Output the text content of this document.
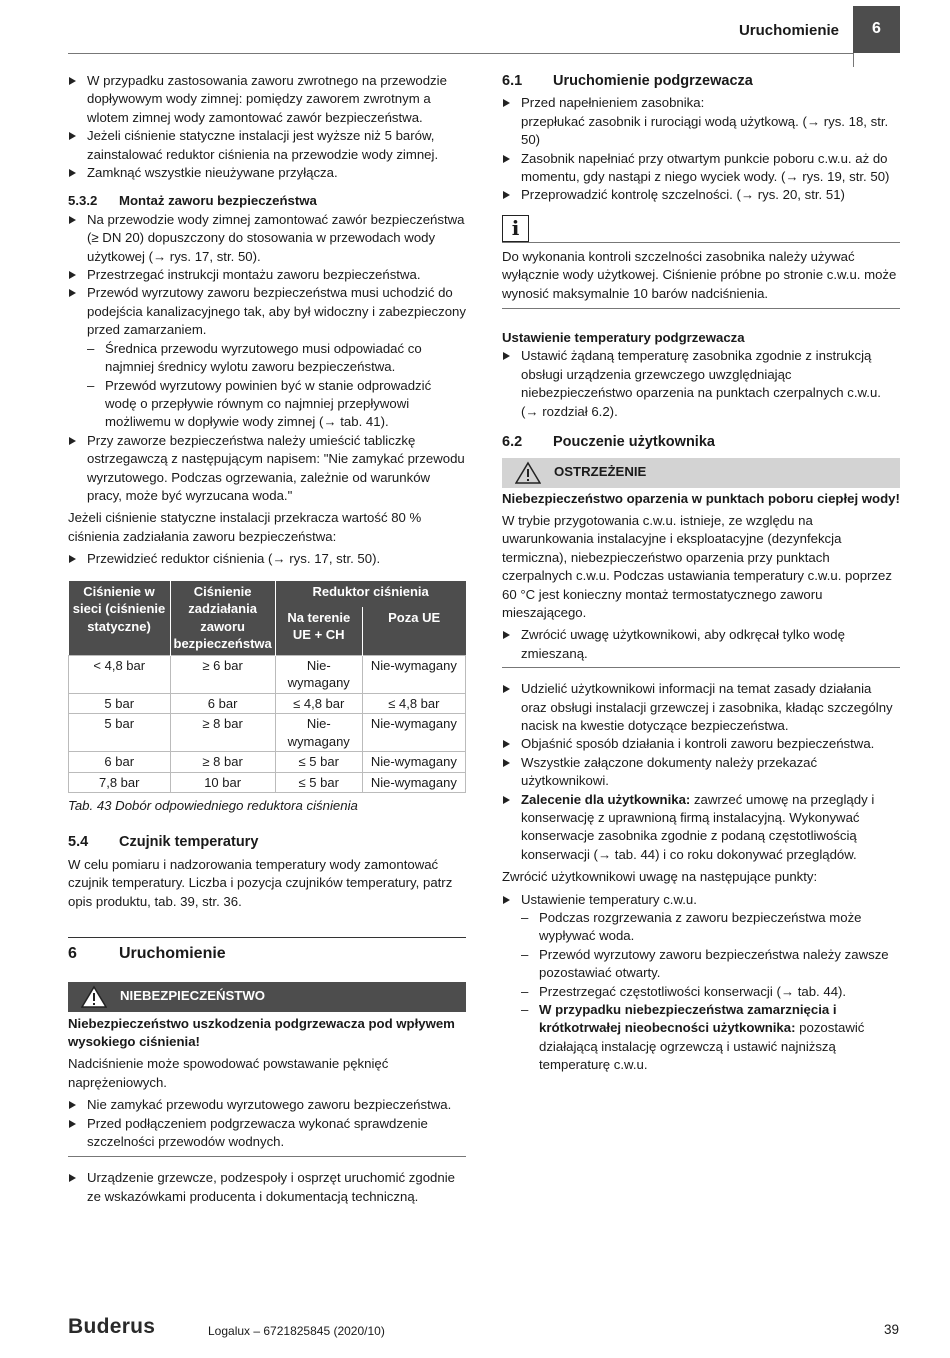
Uruchomienie	6

W przypadku zastosowania zaworu zwrotnego na przewodzie dopływowym wody zimnej: pomiędzy zaworem zwrotnym a wlotem zimnej wody zamontować zawór bezpieczeństwa.

Jeżeli ciśnienie statyczne instalacji jest wyższe niż 5 barów, zainstalować reduktor ciśnienia na przewodzie wody zimnej.

Zamknąć wszystkie nieużywane przyłącza.

5.3.2 Montaż zaworu bezpieczeństwa

Na przewodzie wody zimnej zamontować zawór bezpieczeństwa (≥ DN 20) dopuszczony do stosowania w przewodach wody użytkowej (→ rys. 17, str. 50).

Przestrzegać instrukcji montażu zaworu bezpieczeństwa.

Przewód wyrzutowy zaworu bezpieczeństwa musi uchodzić do podejścia kanalizacyjnego tak, aby był widoczny i zabezpieczony przed zamarzaniem.

– Średnica przewodu wyrzutowego musi odpowiadać co najmniej średnicy wylotu zaworu bezpieczeństwa.

– Przewód wyrzutowy powinien być w stanie odprowadzić wodę o przepływie równym co najmniej przepływowi możliwemu w dopływie wody zimnej (→ tab. 41).

Przy zaworze bezpieczeństwa należy umieścić tabliczkę ostrzegawczą z następującym napisem: "Nie zamykać przewodu wyrzutowego. Podczas ogrzewania, zależnie od warunków pracy, może być wyrzucana woda."

Jeżeli ciśnienie statyczne instalacji przekracza wartość 80 % ciśnienia zadziałania zaworu bezpieczeństwa:

Przewidzieć reduktor ciśnienia (→ rys. 17, str. 50).

Ciśnienie w sieci (ciśnienie statyczne)	Ciśnienie zadziałania zaworu bezpieczeństwa	Reduktor ciśnienia	
		Na terenie UE + CH	Poza UE
< 4,8 bar	≥ 6 bar	Nie-wymagany	Nie-wymagany
5 bar	6 bar	≤ 4,8 bar	≤ 4,8 bar
5 bar	≥ 8 bar	Nie-wymagany	Nie-wymagany
6 bar	≥ 8 bar	≤ 5 bar	Nie-wymagany
7,8 bar	10 bar	≤ 5 bar	Nie-wymagany

Tab. 43 Dobór odpowiedniego reduktora ciśnienia

5.4 Czujnik temperatury

W celu pomiaru i nadzorowania temperatury wody zamontować czujnik temperatury. Liczba i pozycja czujników temperatury, patrz opis produktu, tab. 39, str. 36.

6	Uruchomienie

NIEBEZPIECZEŃSTWO

Niebezpieczeństwo uszkodzenia podgrzewacza pod wpływem wysokiego ciśnienia!

Nadciśnienie może spowodować powstawanie pęknięć naprężeniowych.

Nie zamykać przewodu wyrzutowego zaworu bezpieczeństwa.

Przed podłączeniem podgrzewacza wykonać sprawdzenie szczelności przewodów wodnych.

Urządzenie grzewcze, podzespoły i osprzęt uruchomić zgodnie ze wskazówkami producenta i dokumentacją techniczną.

6.1 Uruchomienie podgrzewacza

Przed napełnieniem zasobnika:
przepłukać zasobnik i rurociągi wodą użytkową. (→ rys. 18, str. 50)

Zasobnik napełniać przy otwartym punkcie poboru c.w.u. aż do momentu, gdy nastąpi z niego wyciek wody. (→ rys. 19, str. 50)

Przeprowadzić kontrolę szczelności. (→ rys. 20, str. 51)

i

Do wykonania kontroli szczelności zasobnika należy używać wyłącznie wody użytkowej. Ciśnienie próbne po stronie c.w.u. może wynosić maksymalnie 10 barów nadciśnienia.

Ustawienie temperatury podgrzewacza

Ustawić żądaną temperaturę zasobnika zgodnie z instrukcją obsługi urządzenia grzewczego uwzględniając niebezpieczeństwo oparzenia na punktach czerpalnych c.w.u. (→ rozdział 6.2).

6.2 Pouczenie użytkownika

OSTRZEŻENIE

Niebezpieczeństwo oparzenia w punktach poboru ciepłej wody!

W trybie przygotowania c.w.u. istnieje, ze względu na uwarunkowania instalacyjne i eksploatacyjne (dezynfekcja termiczna), niebezpieczeństwo oparzenia przy punktach czerpalnych c.w.u. Podczas ustawiania temperatury c.w.u. poprzez 60 °C jest konieczny montaż termostatycznego zaworu mieszającego.

Zwrócić uwagę użytkownikowi, aby odkręcał tylko wodę zmieszaną.

Udzielić użytkownikowi informacji na temat zasady działania oraz obsługi instalacji grzewczej i zasobnika, kładąc szczególny nacisk na kwestie dotyczące bezpieczeństwa.

Objaśnić sposób działania i kontroli zaworu bezpieczeństwa.

Wszystkie załączone dokumenty należy przekazać użytkownikowi.

Zalecenie dla użytkownika: zawrzeć umowę na przeglądy i konserwację z uprawnioną firmą instalacyjną. Wykonywać konserwacje zasobnika zgodnie z podaną częstotliwością konserwacji (→ tab. 44) i co roku dokonywać przeglądów.

Zwrócić użytkownikowi uwagę na następujące punkty:

Ustawienie temperatury c.w.u.

– Podczas rozgrzewania z zaworu bezpieczeństwa może wypływać woda.

– Przewód wyrzutowy zaworu bezpieczeństwa należy zawsze pozostawiać otwarty.

– Przestrzegać częstotliwości konserwacji (→ tab. 44).

– W przypadku niebezpieczeństwa zamarznięcia i krótkotrwałej nieobecności użytkownika: pozostawić działającą instalację ogrzewczą i ustawić najniższą temperaturę c.w.u.

Buderus	Logalux – 6721825845 (2020/10)	39
